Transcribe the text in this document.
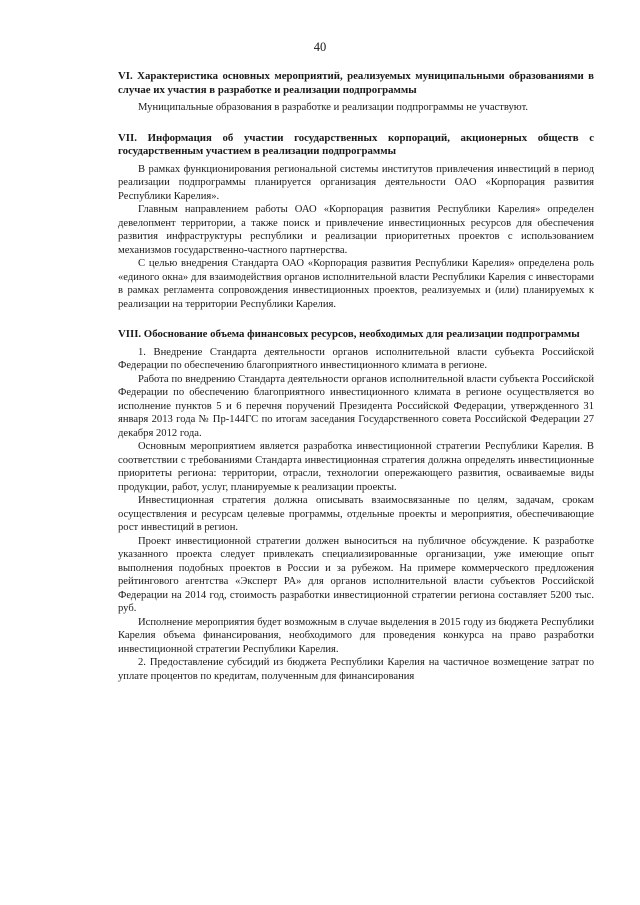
40
VI. Характеристика основных мероприятий, реализуемых муниципальными образованиями в случае их участия в разработке и реализации подпрограммы

Муниципальные образования в разработке и реализации подпрограммы не участвуют.

VII. Информация об участии государственных корпораций, акционерных обществ с государственным участием в реализации подпрограммы

В рамках функционирования региональной системы институтов привлечения инвестиций в период реализации подпрограммы планируется организация деятельности ОАО «Корпорация развития Республики Карелия».

Главным направлением работы ОАО «Корпорация развития Республики Карелия» определен девелопмент территории, а также поиск и привлечение инвестиционных ресурсов для обеспечения развития инфраструктуры республики и реализации приоритетных проектов с использованием механизмов государственно-частного партнерства.

С целью внедрения Стандарта ОАО «Корпорация развития Республики Карелия» определена роль «единого окна» для взаимодействия органов исполнительной власти Республики Карелия с инвесторами в рамках регламента сопровождения инвестиционных проектов, реализуемых и (или) планируемых к реализации на территории Республики Карелия.

VIII. Обоснование объема финансовых ресурсов, необходимых для реализации подпрограммы

1. Внедрение Стандарта деятельности органов исполнительной власти субъекта Российской Федерации по обеспечению благоприятного инвестиционного климата в регионе.

Работа по внедрению Стандарта деятельности органов исполнительной власти субъекта Российской Федерации по обеспечению благоприятного инвестиционного климата в регионе осуществляется во исполнение пунктов 5 и 6 перечня поручений Президента Российской Федерации, утвержденного 31 января 2013 года № Пр-144ГС по итогам заседания Государственного совета Российской Федерации 27 декабря 2012 года.

Основным мероприятием является разработка инвестиционной стратегии Республики Карелия. В соответствии с требованиями Стандарта инвестиционная стратегия должна определять инвестиционные приоритеты региона: территории, отрасли, технологии опережающего развития, осваиваемые виды продукции, работ, услуг, планируемые к реализации проекты.

Инвестиционная стратегия должна описывать взаимосвязанные по целям, задачам, срокам осуществления и ресурсам целевые программы, отдельные проекты и мероприятия, обеспечивающие рост инвестиций в регион.

Проект инвестиционной стратегии должен выноситься на публичное обсуждение. К разработке указанного проекта следует привлекать специализированные организации, уже имеющие опыт выполнения подобных проектов в России и за рубежом. На примере коммерческого предложения рейтингового агентства «Эксперт РА» для органов исполнительной власти субъектов Российской Федерации на 2014 год, стоимость разработки инвестиционной стратегии региона составляет 5200 тыс. руб.

Исполнение мероприятия будет возможным в случае выделения в 2015 году из бюджета Республики Карелия объема финансирования, необходимого для проведения конкурса на право разработки инвестиционной стратегии Республики Карелия.

2. Предоставление субсидий из бюджета Республики Карелия на частичное возмещение затрат по уплате процентов по кредитам, полученным для финансирования
